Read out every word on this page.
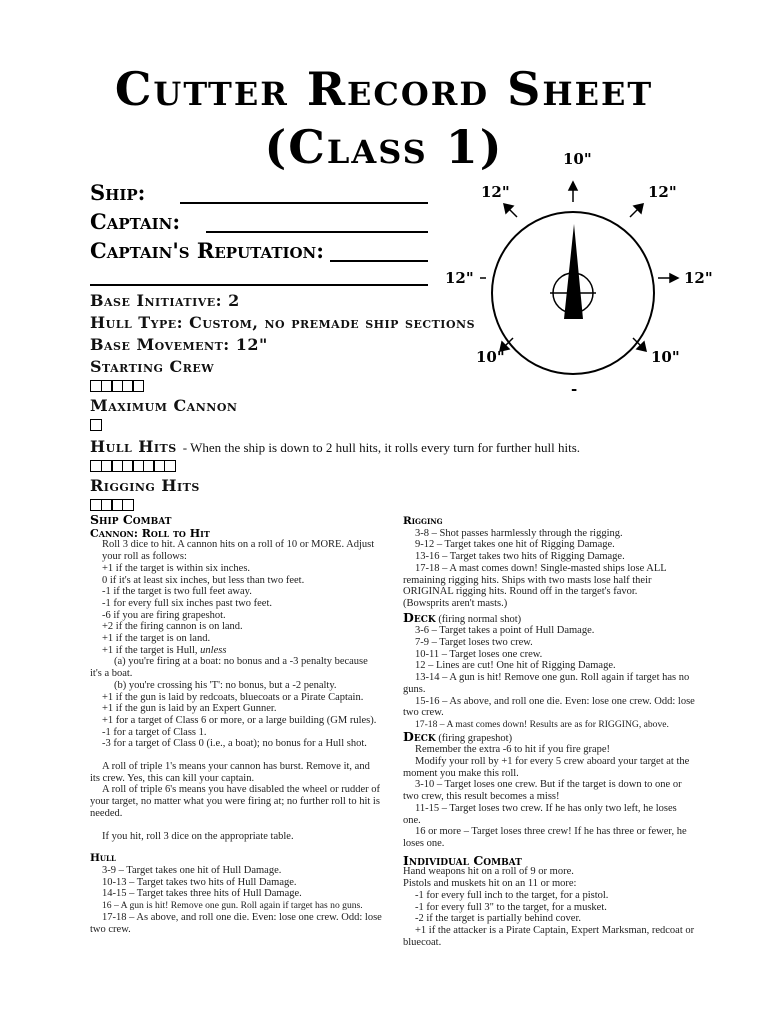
Cutter Record Sheet
(Class 1)
Ship:
Captain:
Captain's Reputation:
Base Initiative: 2
Hull Type: Custom, no premade ship sections
Base Movement: 12"
Starting Crew
Maximum Cannon
Hull Hits - When the ship is down to 2 hull hits, it rolls every turn for further hull hits.
Rigging Hits
10"
12"	12"
12"	12"
10"	10"
-
Ship Combat
Cannon: Roll to Hit

Roll 3 dice to hit. A cannon hits on a roll of 10 or MORE. Adjust your roll as follows:

+1 if the target is within six inches.

0 if it's at least six inches, but less than two feet.

-1 if the target is two full feet away.

-1 for every full six inches past two feet.

-6 if you are firing grapeshot.

+2 if the firing cannon is on land.

+1 if the target is on land.

+1 if the target is Hull, unless

(a) you're firing at a boat: no bonus and a -3 penalty because it's a boat.

(b) you're crossing his 'T': no bonus, but a -2 penalty.

+1 if the gun is laid by redcoats, bluecoats or a Pirate Captain.

+1 if the gun is laid by an Expert Gunner.

+1 for a target of Class 6 or more, or a large building (GM rules).

-1 for a target of Class 1.

-3 for a target of Class 0 (i.e., a boat); no bonus for a Hull shot.

A roll of triple 1's means your cannon has burst. Remove it, and its crew. Yes, this can kill your captain.

A roll of triple 6's means you have disabled the wheel or rudder of your target, no matter what you were firing at; no further roll to hit is needed.

If you hit, roll 3 dice on the appropriate table.

Hull

3-9 – Target takes one hit of Hull Damage.

10-13 – Target takes two hits of Hull Damage.

14-15 – Target takes three hits of Hull Damage.

16 – A gun is hit! Remove one gun. Roll again if target has no guns.

17-18 – As above, and roll one die. Even: lose one crew. Odd: lose two crew.

Rigging

3-8 – Shot passes harmlessly through the rigging.

9-12 – Target takes one hit of Rigging Damage.

13-16 – Target takes two hits of Rigging Damage.

17-18 – A mast comes down! Single-masted ships lose ALL remaining rigging hits. Ships with two masts lose half their ORIGINAL rigging hits. Round off in the target's favor.

(Bowsprits aren't masts.)

Deck (firing normal shot)

3-6 – Target takes a point of Hull Damage.

7-9 – Target loses two crew.

10-11 – Target loses one crew.

12 – Lines are cut! One hit of Rigging Damage.

13-14 – A gun is hit! Remove one gun. Roll again if target has no guns.

15-16 – As above, and roll one die. Even: lose one crew. Odd: lose two crew.

17-18 – A mast comes down! Results are as for RIGGING, above.

Deck (firing grapeshot)

Remember the extra -6 to hit if you fire grape!

Modify your roll by +1 for every 5 crew aboard your target at the moment you make this roll.

3-10 – Target loses one crew. But if the target is down to one or two crew, this result becomes a miss!

11-15 – Target loses two crew. If he has only two left, he loses one.

16 or more – Target loses three crew! If he has three or fewer, he loses one.

Individual Combat

Hand weapons hit on a roll of 9 or more.

Pistols and muskets hit on an 11 or more:

-1 for every full inch to the target, for a pistol.

-1 for every full 3" to the target, for a musket.

-2 if the target is partially behind cover.

+1 if the attacker is a Pirate Captain, Expert Marksman, redcoat or bluecoat.
